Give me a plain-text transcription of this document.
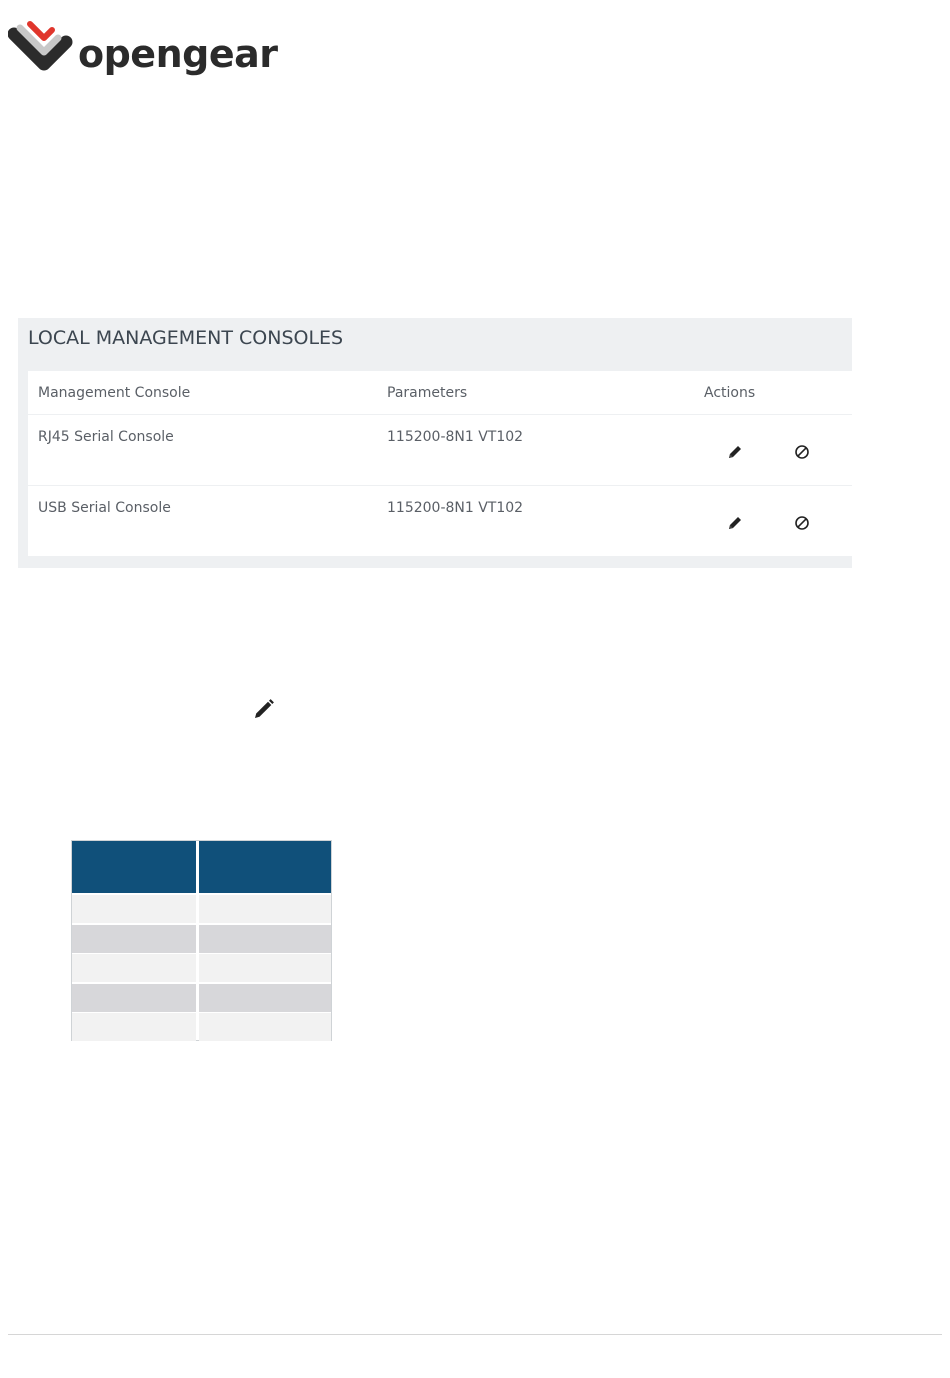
opengear
LOCAL MANAGEMENT CONSOLES
Management Console	Parameters	Actions
RJ45 Serial Console	115200-8N1 VT102
USB Serial Console	115200-8N1 VT102
